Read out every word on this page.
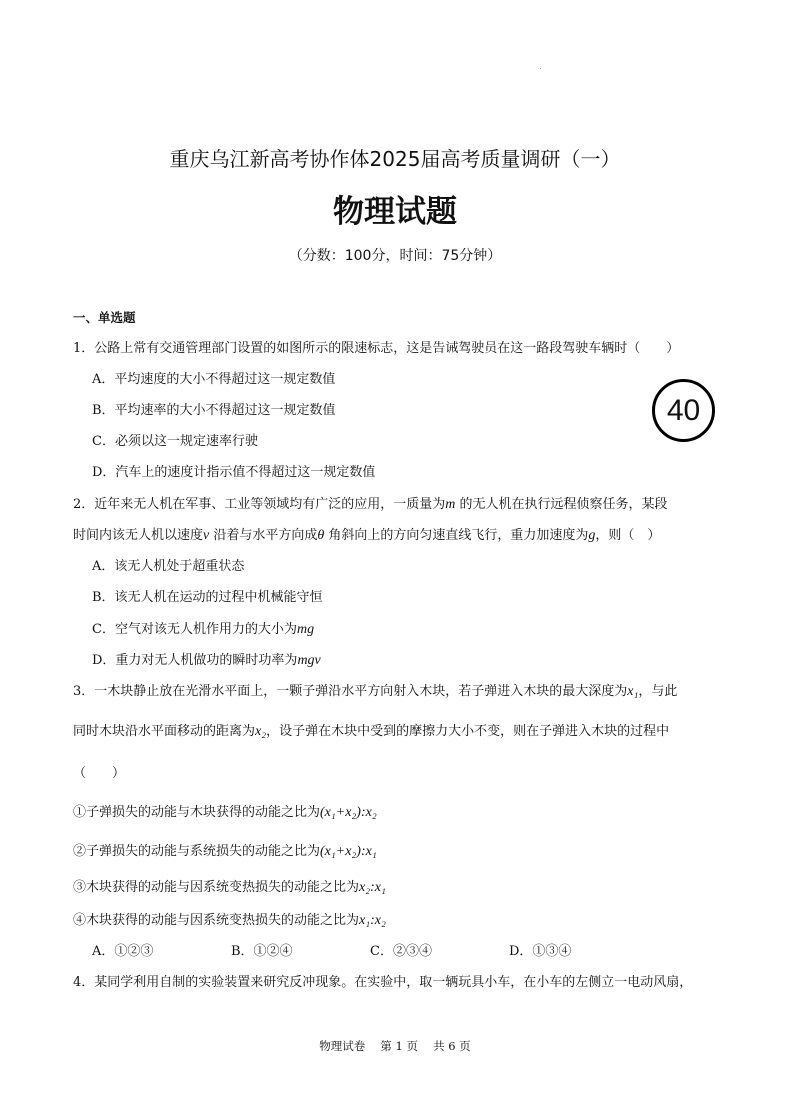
重庆乌江新高考协作体2025届高考质量调研（一）
物理试题
（分数：100分，时间：75分钟）
一、单选题
1．公路上常有交通管理部门设置的如图所示的限速标志，这是告诫驾驶员在这一路段驾驶车辆时（　　）
A．平均速度的大小不得超过这一规定数值
B．平均速率的大小不得超过这一规定数值
C．必须以这一规定速率行驶
D．汽车上的速度计指示值不得超过这一规定数值
40
2．近年来无人机在军事、工业等领域均有广泛的应用，一质量为m 的无人机在执行远程侦察任务，某段
时间内该无人机以速度v 沿着与水平方向成θ 角斜向上的方向匀速直线飞行，重力加速度为g，则（　）
A．该无人机处于超重状态
B．该无人机在运动的过程中机械能守恒
C．空气对该无人机作用力的大小为mg
D．重力对无人机做功的瞬时功率为mgv
3．一木块静止放在光滑水平面上，一颗子弹沿水平方向射入木块，若子弹进入木块的最大深度为x₁，与此
同时木块沿水平面移动的距离为x₂，设子弹在木块中受到的摩擦力大小不变，则在子弹进入木块的过程中
（　　）
①子弹损失的动能与木块获得的动能之比为(x₁+x₂):x₂
②子弹损失的动能与系统损失的动能之比为(x₁+x₂):x₁
③木块获得的动能与因系统变热损失的动能之比为x₂:x₁
④木块获得的动能与因系统变热损失的动能之比为x₁:x₂
A．①②③	B．①②④	C．②③④	D．①③④
4．某同学利用自制的实验装置来研究反冲现象。在实验中，取一辆玩具小车，在小车的左侧立一电动风扇，
物理试卷　 第 1 页　 共 6 页
